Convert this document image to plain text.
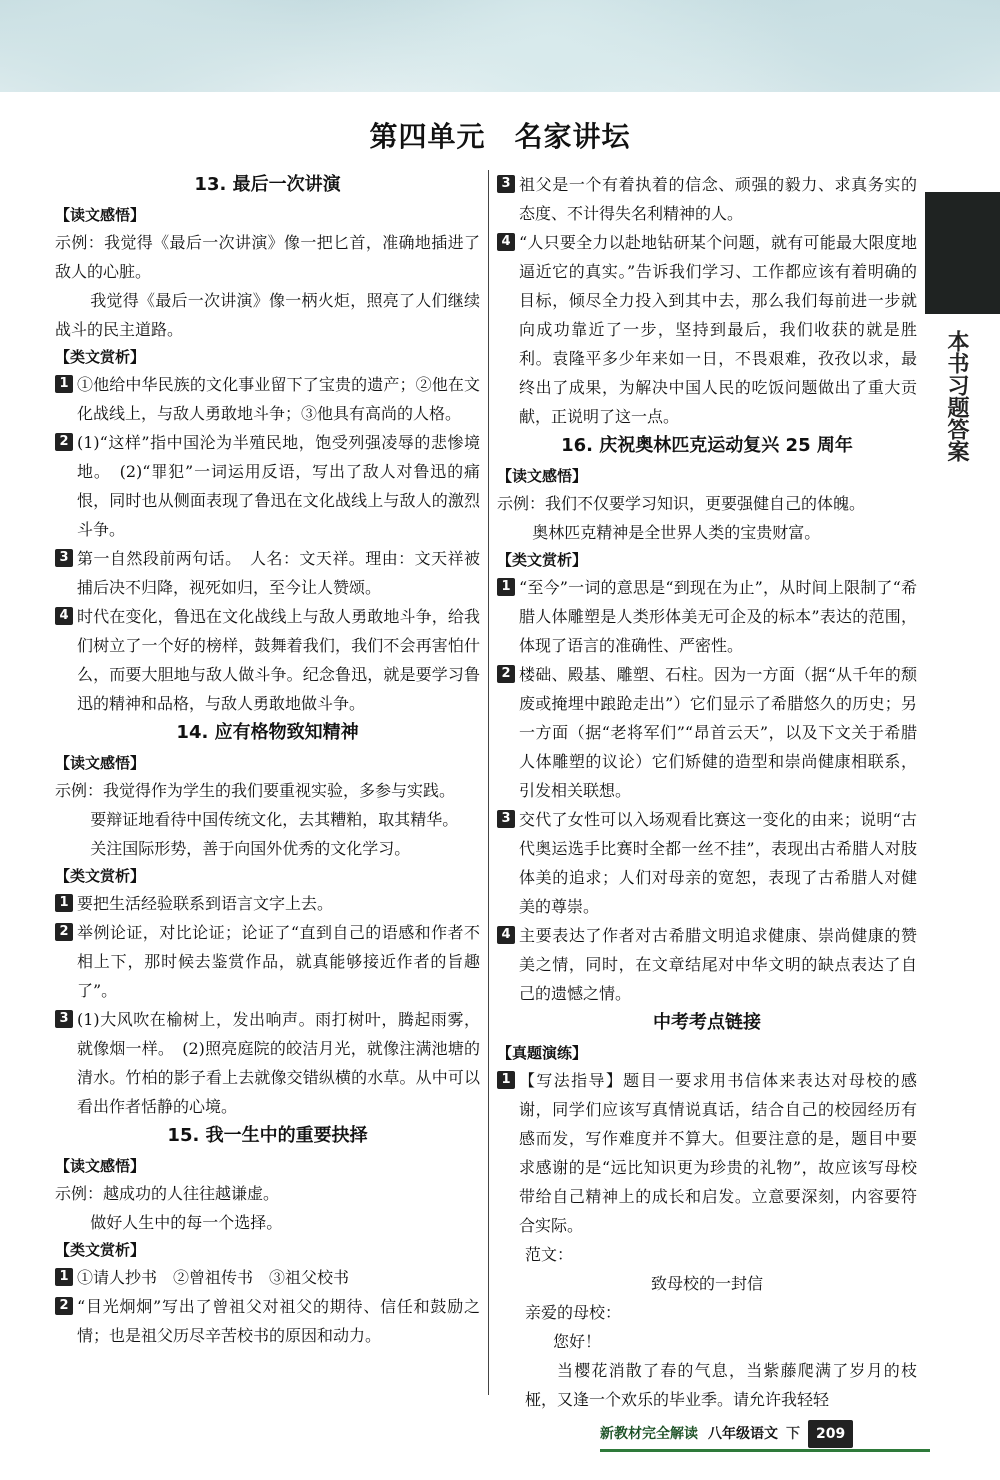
第四单元　名家讲坛
13. 最后一次讲演
【读文感悟】

示例：我觉得《最后一次讲演》像一把匕首，准确地插进了敌人的心脏。

我觉得《最后一次讲演》像一柄火炬，照亮了人们继续战斗的民主道路。

【类文赏析】
1 ①他给中华民族的文化事业留下了宝贵的遗产；②他在文化战线上，与敌人勇敢地斗争；③他具有高尚的人格。
2 (1)“这样”指中国沦为半殖民地，饱受列强凌辱的悲惨境地。　(2)“罪犯”一词运用反语，写出了敌人对鲁迅的痛恨，同时也从侧面表现了鲁迅在文化战线上与敌人的激烈斗争。
3 第一自然段前两句话。　人名：文天祥。理由：文天祥被捕后决不归降，视死如归，至今让人赞颂。
4 时代在变化，鲁迅在文化战线上与敌人勇敢地斗争，给我们树立了一个好的榜样，鼓舞着我们，我们不会再害怕什么，而要大胆地与敌人做斗争。纪念鲁迅，就是要学习鲁迅的精神和品格，与敌人勇敢地做斗争。
14. 应有格物致知精神
【读文感悟】

示例：我觉得作为学生的我们要重视实验，多参与实践。

要辩证地看待中国传统文化，去其糟粕，取其精华。

关注国际形势，善于向国外优秀的文化学习。

【类文赏析】
1 要把生活经验联系到语言文字上去。
2 举例论证，对比论证；论证了“直到自己的语感和作者不相上下，那时候去鉴赏作品，就真能够接近作者的旨趣了”。
3 (1)大风吹在榆树上，发出响声。雨打树叶，腾起雨雾，就像烟一样。　(2)照亮庭院的皎洁月光，就像注满池塘的清水。竹柏的影子看上去就像交错纵横的水草。从中可以看出作者恬静的心境。
15. 我一生中的重要抉择
【读文感悟】

示例：越成功的人往往越谦虚。

做好人生中的每一个选择。

【类文赏析】
1 ①请人抄书　②曾祖传书　③祖父校书
2 “目光炯炯”写出了曾祖父对祖父的期待、信任和鼓励之情；也是祖父历尽辛苦校书的原因和动力。
3 祖父是一个有着执着的信念、顽强的毅力、求真务实的态度、不计得失名利精神的人。
4 “人只要全力以赴地钻研某个问题，就有可能最大限度地逼近它的真实。”告诉我们学习、工作都应该有着明确的目标，倾尽全力投入到其中去，那么我们每前进一步就向成功靠近了一步，坚持到最后，我们收获的就是胜利。袁隆平多少年来如一日，不畏艰难，孜孜以求，最终出了成果，为解决中国人民的吃饭问题做出了重大贡献，正说明了这一点。
16. 庆祝奥林匹克运动复兴 25 周年
【读文感悟】

示例：我们不仅要学习知识，更要强健自己的体魄。

奥林匹克精神是全世界人类的宝贵财富。

【类文赏析】
1 “至今”一词的意思是“到现在为止”，从时间上限制了“希腊人体雕塑是人类形体美无可企及的标本”表达的范围，体现了语言的准确性、严密性。
2 楼础、殿基、雕塑、石柱。因为一方面（据“从千年的颓废或掩埋中踉跄走出”）它们显示了希腊悠久的历史；另一方面（据“老将军们”“昂首云天”，以及下文关于希腊人体雕塑的议论）它们矫健的造型和崇尚健康相联系，引发相关联想。
3 交代了女性可以入场观看比赛这一变化的由来；说明“古代奥运选手比赛时全都一丝不挂”，表现出古希腊人对肢体美的追求；人们对母亲的宽恕，表现了古希腊人对健美的尊崇。
4 主要表达了作者对古希腊文明追求健康、崇尚健康的赞美之情，同时，在文章结尾对中华文明的缺点表达了自己的遗憾之情。
中考考点链接
【真题演练】
1 【写法指导】题目一要求用书信体来表达对母校的感谢，同学们应该写真情说真话，结合自己的校园经历有感而发，写作难度并不算大。但要注意的是，题目中要求感谢的是“远比知识更为珍贵的礼物”，故应该写母校带给自己精神上的成长和启发。立意要深刻，内容要符合实际。

范文：

致母校的一封信

亲爱的母校：

您好！

当樱花消散了春的气息，当紫藤爬满了岁月的枝桠，又逢一个欢乐的毕业季。请允许我轻轻

本书习题答案
新教材完全解读 八年级语文 下	209
